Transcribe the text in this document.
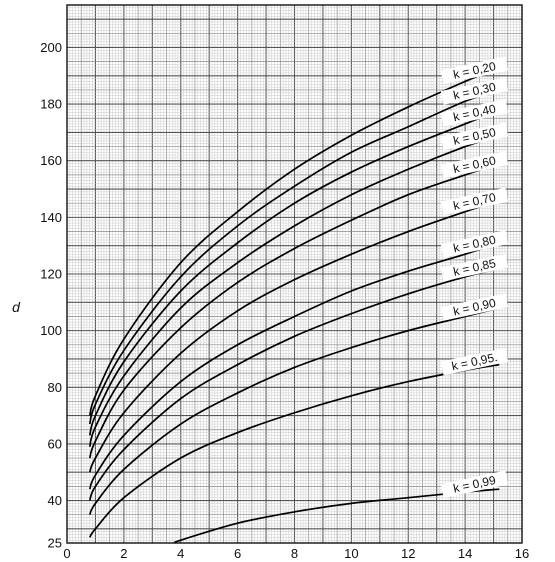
k = 0,20
k = 0,30
k = 0,40
k = 0,50
k = 0,60
k = 0,70
k = 0,80
k = 0,85
k = 0,90
k = 0,95.
k = 0,99
0	2	4	6	8	10	12	14	16
25
40
60
80
100
120
140
160
180
200
d
